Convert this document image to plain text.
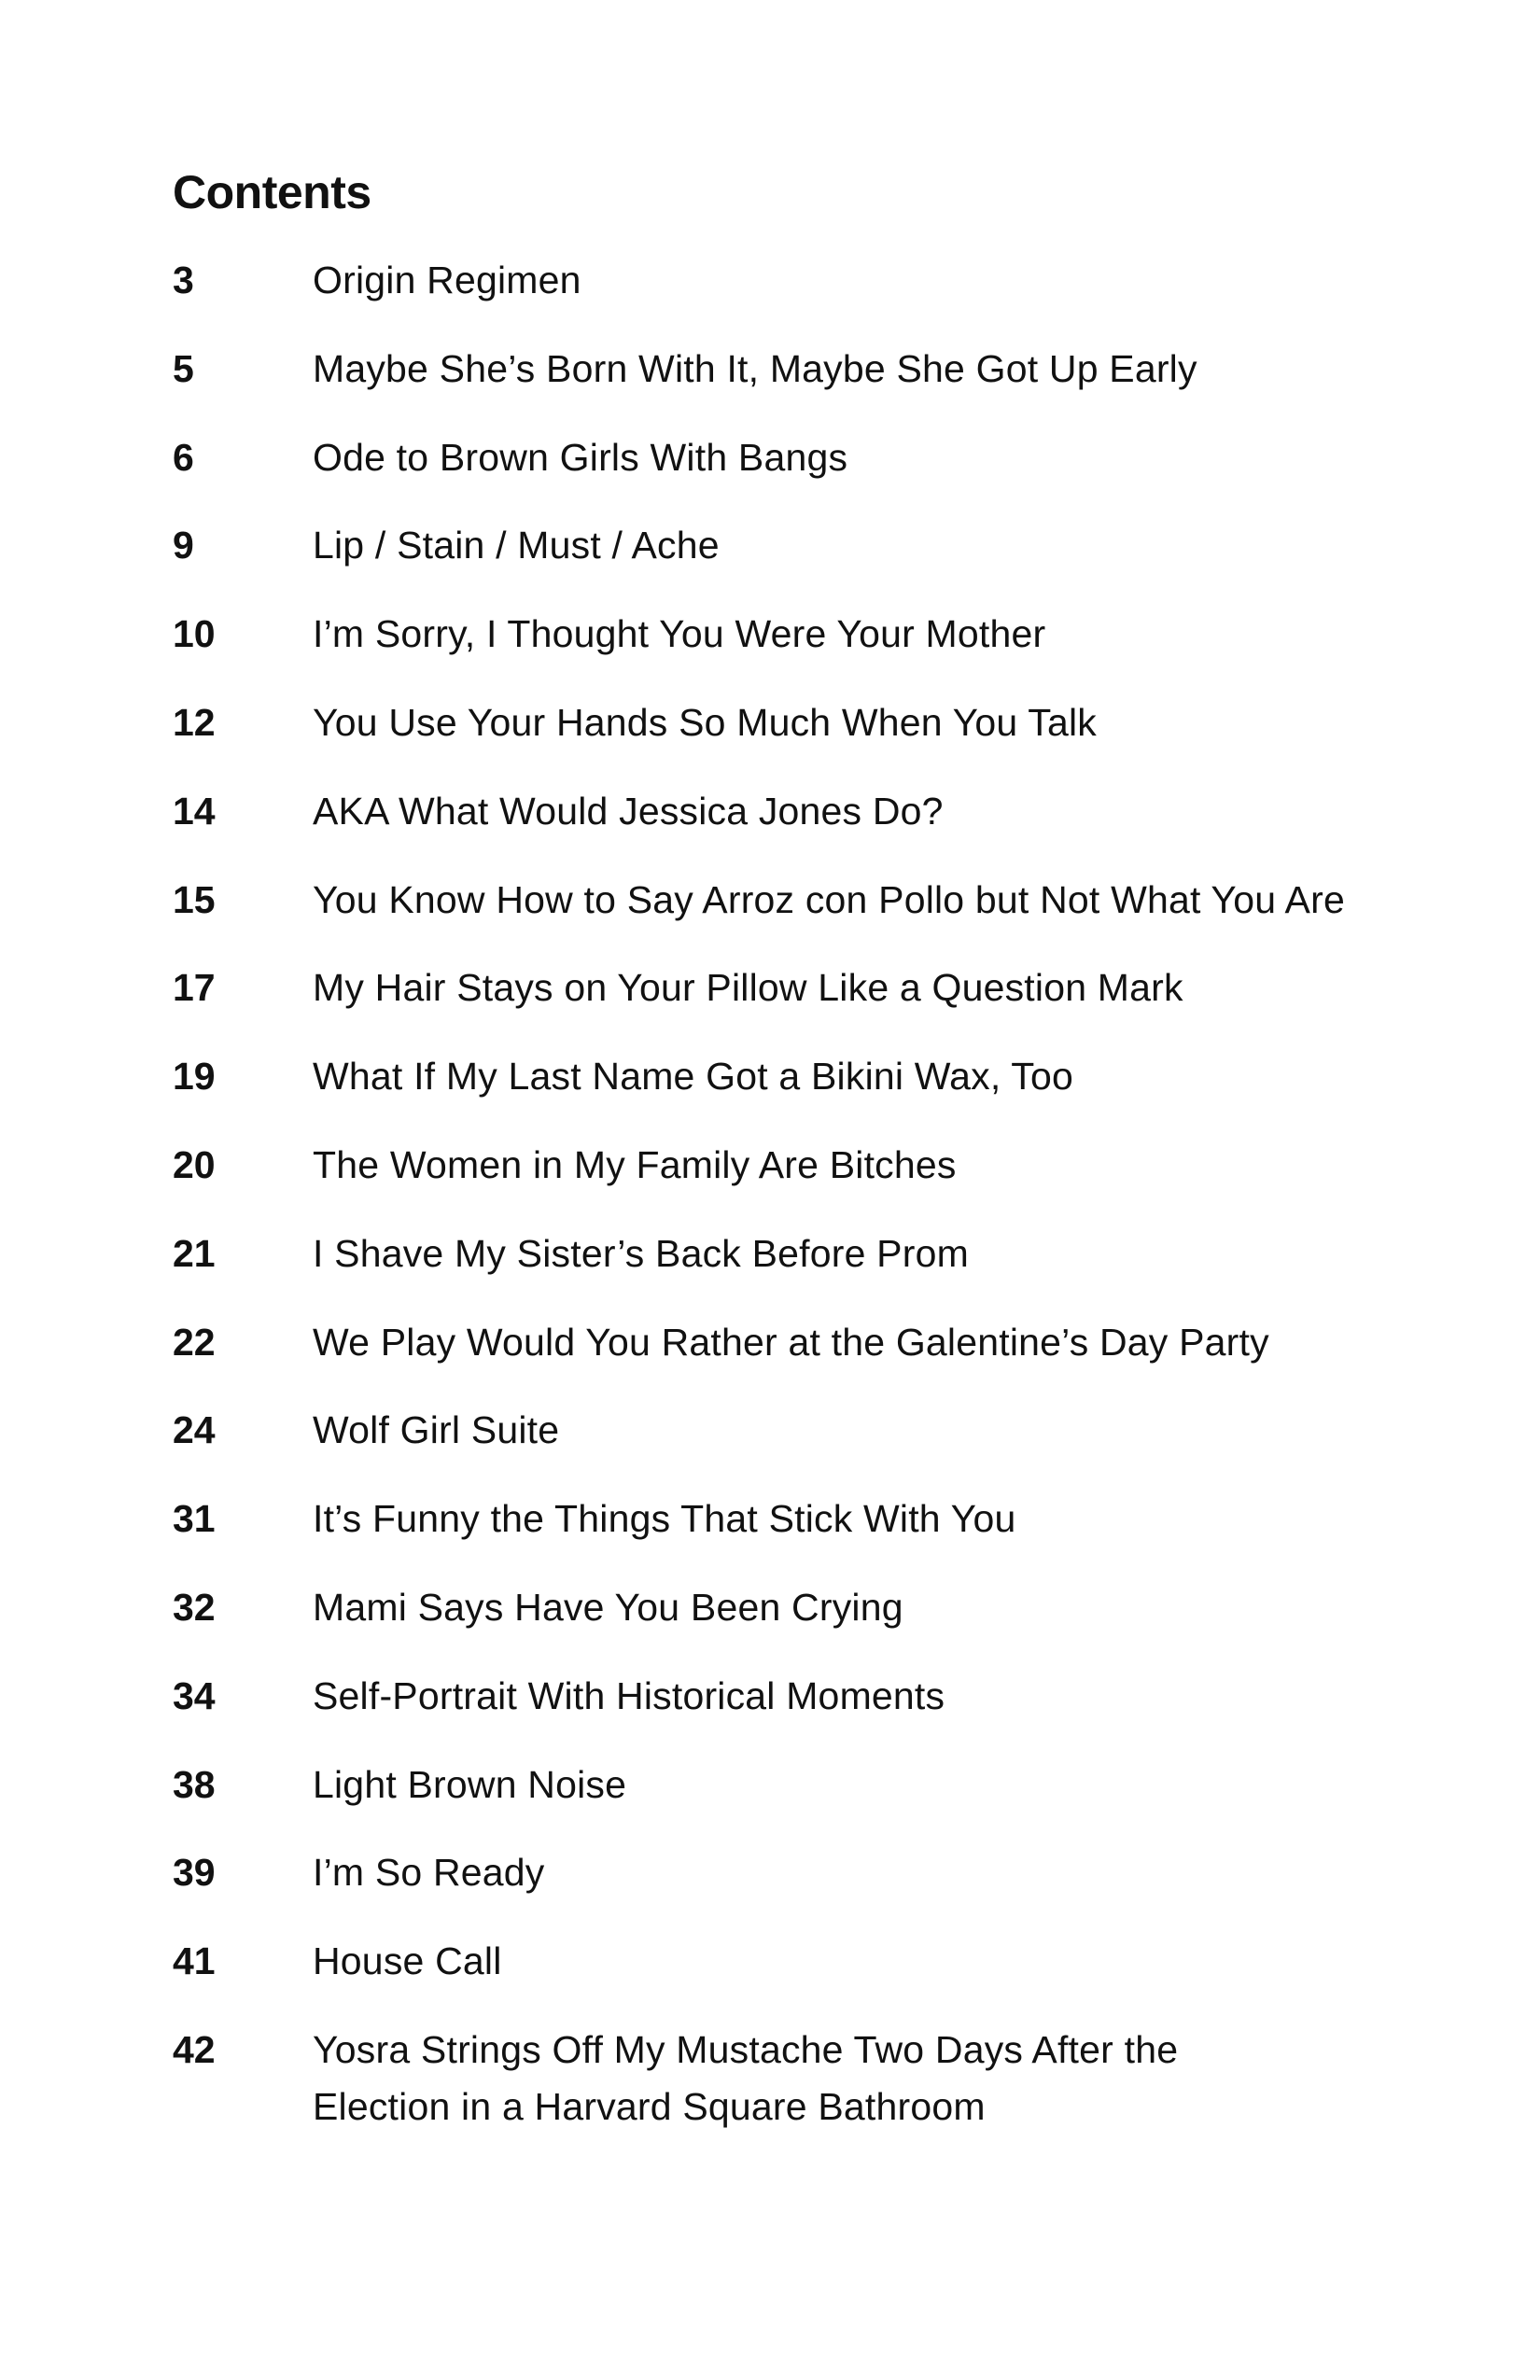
Contents
3	Origin Regimen
5	Maybe She’s Born With It, Maybe She Got Up Early
6	Ode to Brown Girls With Bangs
9	Lip / Stain / Must / Ache
10	I’m Sorry, I Thought You Were Your Mother
12	You Use Your Hands So Much When You Talk
14	AKA What Would Jessica Jones Do?
15	You Know How to Say Arroz con Pollo but Not What You Are
17	My Hair Stays on Your Pillow Like a Question Mark
19	What If My Last Name Got a Bikini Wax, Too
20	The Women in My Family Are Bitches
21	I Shave My Sister’s Back Before Prom
22	We Play Would You Rather at the Galentine’s Day Party
24	Wolf Girl Suite
31	It’s Funny the Things That Stick With You
32	Mami Says Have You Been Crying
34	Self-Portrait With Historical Moments
38	Light Brown Noise
39	I’m So Ready
41	House Call
42	Yosra Strings Off My Mustache Two Days After the Election in a Harvard Square Bathroom
